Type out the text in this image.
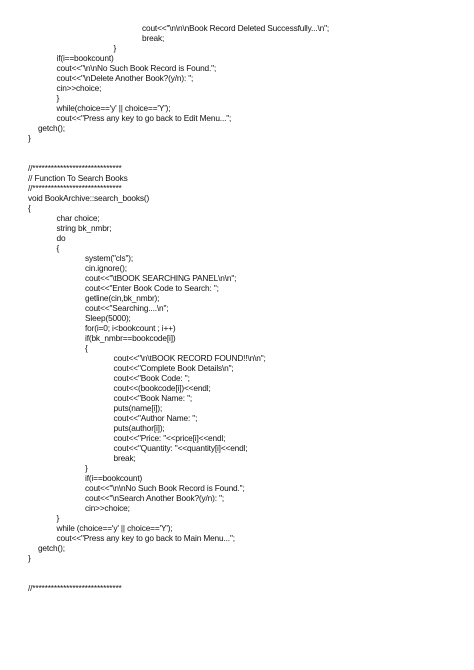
cout<<"\n\n\nBook Record Deleted Successfully...\n";
break;
}
if(i==bookcount)
cout<<"\n\nNo Such Book Record is Found.";
cout<<"\nDelete Another Book?(y/n): ";
cin>>choice;
}
while(choice=='y' || choice=='Y');
cout<<"Press any key to go back to Edit Menu...";
getch();
}
//*****************************
// Function To Search Books
//*****************************
void BookArchive::search_books()
{
char choice;
string bk_nmbr;
do
{
system("cls");
cin.ignore();
cout<<"\tBOOK SEARCHING PANEL\n\n";
cout<<"Enter Book Code to Search: ";
getline(cin,bk_nmbr);
cout<<"Searching....\n";
Sleep(5000);
for(i=0; i<bookcount ; i++)
if(bk_nmbr==bookcode[i])
{
cout<<"\n\tBOOK RECORD FOUND!!\n\n";
cout<<"Complete Book Details\n";
cout<<"Book Code: ";
cout<<(bookcode[i])<<endl;
cout<<"Book Name: ";
puts(name[i]);
cout<<"Author Name: ";
puts(author[i]);
cout<<"Price: "<<price[i]<<endl;
cout<<"Quantity: "<<quantity[i]<<endl;
break;
}
if(i==bookcount)
cout<<"\n\nNo Such Book Record is Found.";
cout<<"\nSearch Another Book?(y/n): ";
cin>>choice;
}
while (choice=='y' || choice=='Y');
cout<<"Press any key to go back to Main Menu...";
getch();
}
//*****************************
